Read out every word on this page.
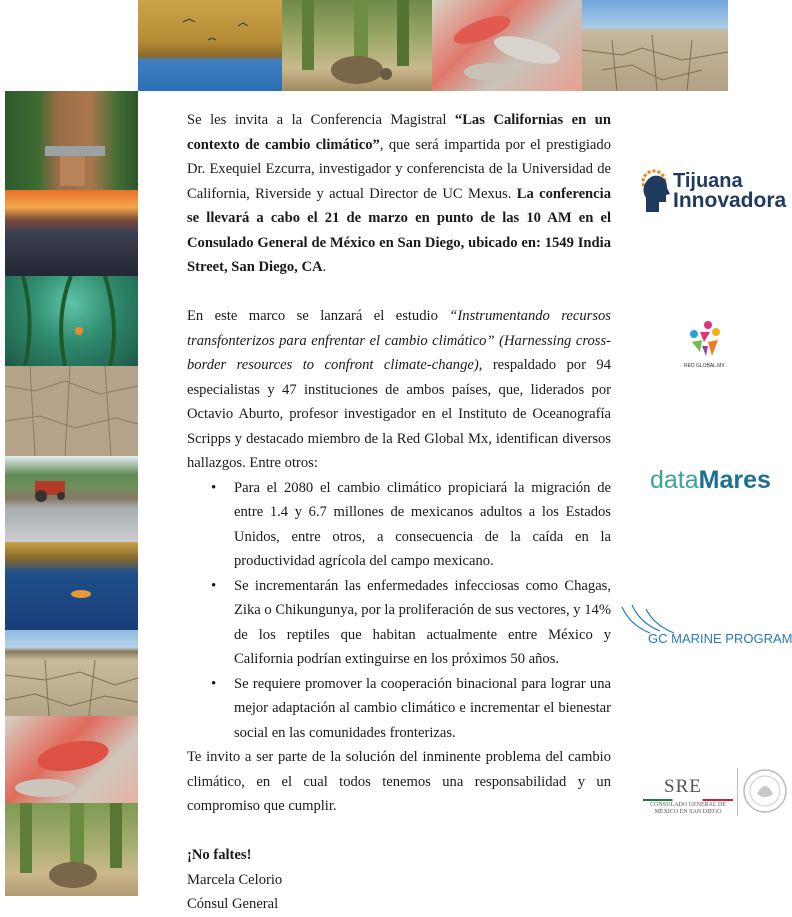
Se les invita a la Conferencia Magistral “Las Californias en un contexto de cambio climático”, que será impartida por el prestigiado Dr. Exequiel Ezcurra, investigador y conferencista de la Universidad de California, Riverside y actual Director de UC Mexus. La conferencia se llevará a cabo el 21 de marzo en punto de las 10 AM en el Consulado General de México en San Diego, ubicado en: 1549 India Street, San Diego, CA.

En este marco se lanzará el estudio “Instrumentando recursos transfonterizos para enfrentar el cambio climático” (Harnessing cross-border resources to confront climate-change), respaldado por 94 especialistas y 47 instituciones de ambos países, que, liderados por Octavio Aburto, profesor investigador en el Instituto de Oceanografía Scripps y destacado miembro de la Red Global Mx, identifican diversos hallazgos. Entre otros:

• Para el 2080 el cambio climático propiciará la migración de entre 1.4 y 6.7 millones de mexicanos adultos a los Estados Unidos, entre otros, a consecuencia de la caída en la productividad agrícola del campo mexicano.
• Se incrementarán las enfermedades infecciosas como Chagas, Zika o Chikungunya, por la proliferación de sus vectores, y 14% de los reptiles que habitan actualmente entre México y California podrían extinguirse en los próximos 50 años.
• Se requiere promover la cooperación binacional para lograr una mejor adaptación al cambio climático e incrementar el bienestar social en las comunidades fronterizas.

Te invito a ser parte de la solución del inminente problema del cambio climático, en el cual todos tenemos una responsabilidad y un compromiso que cumplir.

¡No faltes!

Marcela Celorio

Cónsul General

Tijuana
Innovadora
RED GLOBAL MX
dataMares
GC MARINE PROGRAM
SRE
CONSULADO GENERAL DE MÉXICO EN SAN DIEGO
